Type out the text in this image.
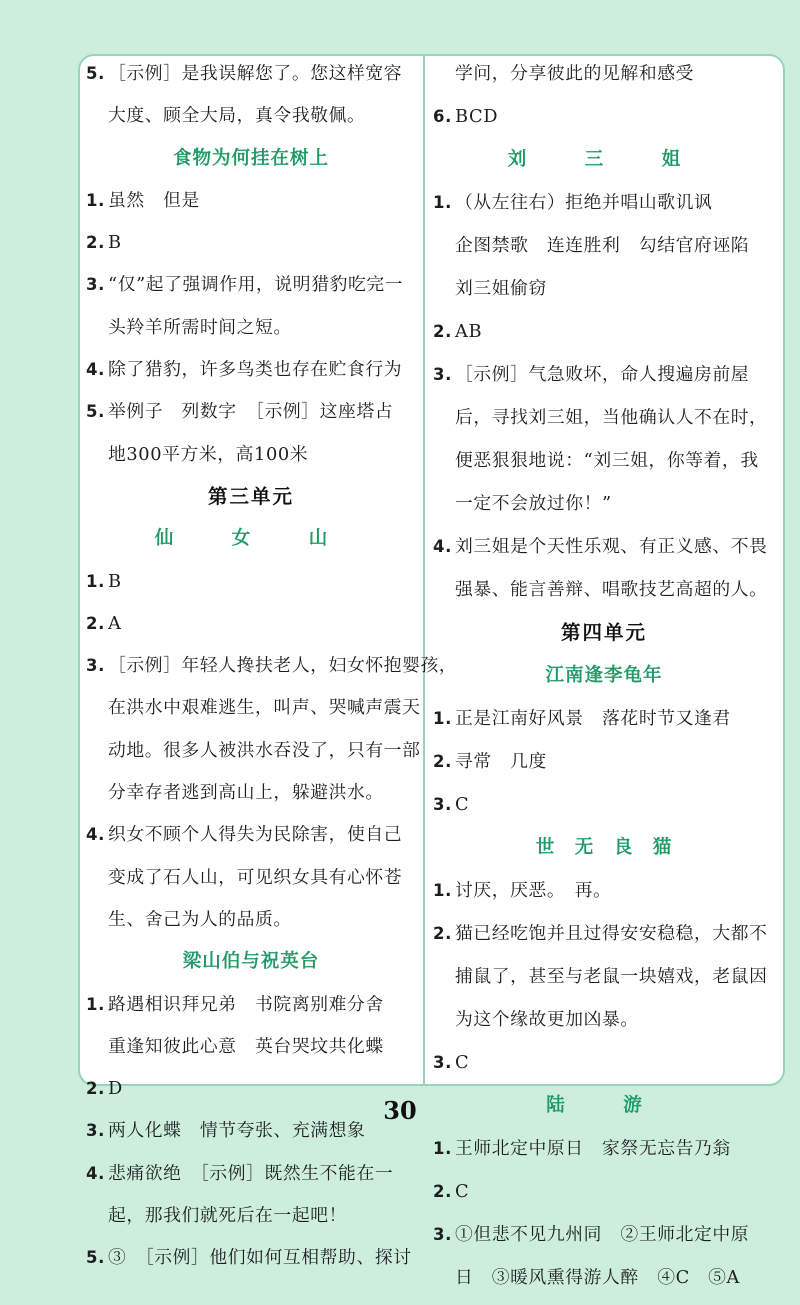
5. ［示例］是我误解您了。您这样宽容
大度、顾全大局，真令我敬佩。
食物为何挂在树上
1. 虽然　但是
2. B
3. “仅”起了强调作用，说明猎豹吃完一
头羚羊所需时间之短。
4. 除了猎豹，许多鸟类也存在贮食行为
5. 举例子　列数字　［示例］这座塔占
地300平方米，高100米
第三单元
仙　女　山
1. B
2. A
3. ［示例］年轻人搀扶老人，妇女怀抱婴孩，
在洪水中艰难逃生，叫声、哭喊声震天
动地。很多人被洪水吞没了，只有一部
分幸存者逃到高山上，躲避洪水。
4. 织女不顾个人得失为民除害，使自己
变成了石人山，可见织女具有心怀苍
生、舍己为人的品质。
梁山伯与祝英台
1. 路遇相识拜兄弟　书院离别难分舍
重逢知彼此心意　英台哭坟共化蝶
2. D
3. 两人化蝶　情节夸张、充满想象
4. 悲痛欲绝　［示例］既然生不能在一
起，那我们就死后在一起吧！
5. ③　［示例］他们如何互相帮助、探讨
学问，分享彼此的见解和感受
6. BCD
刘　三　姐
1. （从左往右）拒绝并唱山歌讥讽
企图禁歌　连连胜利　勾结官府诬陷
刘三姐偷窃
2. AB
3. ［示例］气急败坏，命人搜遍房前屋
后，寻找刘三姐，当他确认人不在时，
便恶狠狠地说：“刘三姐，你等着，我
一定不会放过你！”
4. 刘三姐是个天性乐观、有正义感、不畏
强暴、能言善辩、唱歌技艺高超的人。
第四单元
江南逢李龟年
1. 正是江南好风景　落花时节又逢君
2. 寻常　几度
3. C
世　无　良　猫
1. 讨厌，厌恶。　再。
2. 猫已经吃饱并且过得安安稳稳，大都不
捕鼠了，甚至与老鼠一块嬉戏，老鼠因
为这个缘故更加凶暴。
3. C
陆　游
1. 王师北定中原日　家祭无忘告乃翁
2. C
3. ①但悲不见九州同　②王师北定中原
日　③暖风熏得游人醉　④C　⑤A
30
